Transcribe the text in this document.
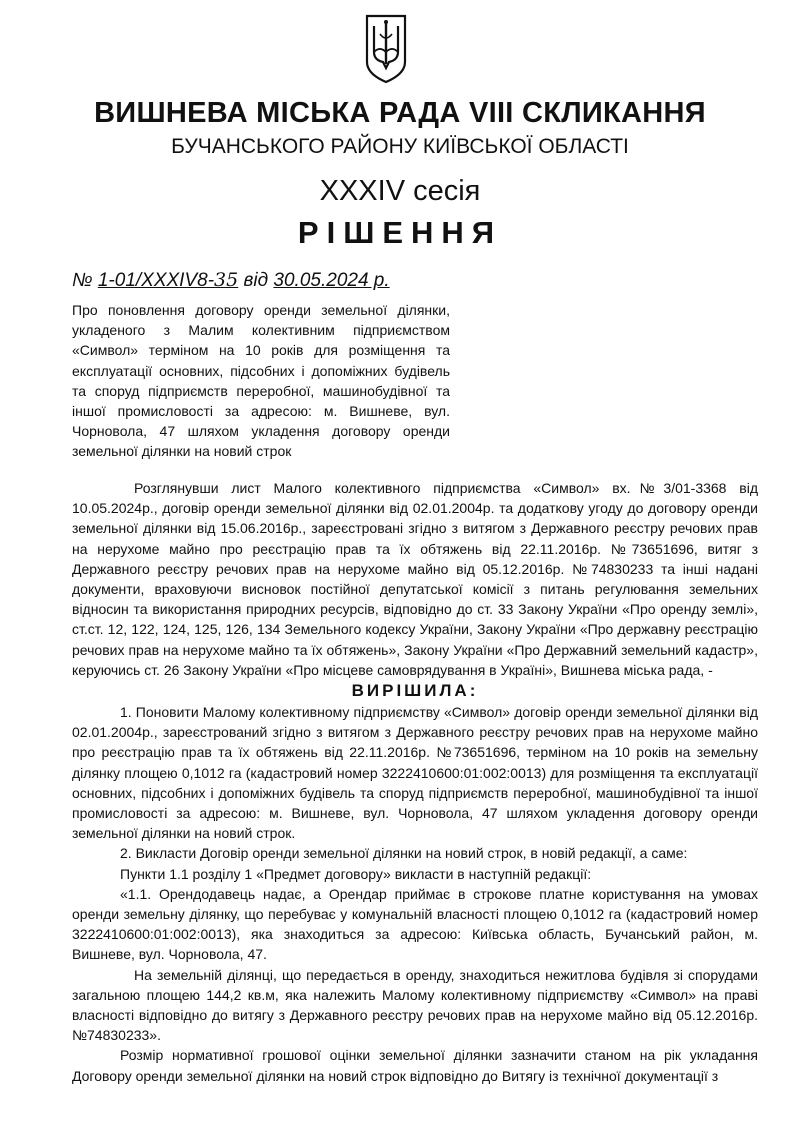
ВИШНЕВА МІСЬКА РАДА VIII СКЛИКАННЯ
БУЧАНСЬКОГО РАЙОНУ КИЇВСЬКОЇ ОБЛАСТІ
XXXIV сесія
РІШЕННЯ
№ 1-01/XXXIV8-35 від 30.05.2024 р.
Про поновлення договору оренди земельної ділянки, укладеного з Малим колективним підприємством «Символ» терміном на 10 років для розміщення та експлуатації основних, підсобних і допоміжних будівель та споруд підприємств переробної, машинобудівної та іншої промисловості за адресою: м. Вишневе, вул. Чорновола, 47 шляхом укладення договору оренди земельної ділянки на новий строк

Розглянувши лист Малого колективного підприємства «Символ» вх.№3/01-3368 від 10.05.2024р., договір оренди земельної ділянки від 02.01.2004р. та додаткову угоду до договору оренди земельної ділянки від 15.06.2016р., зареєстровані згідно з витягом з Державного реєстру речових прав на нерухоме майно про реєстрацію прав та їх обтяжень від 22.11.2016р. №73651696, витяг з Державного реєстру речових прав на нерухоме майно від 05.12.2016р. №74830233 та інші надані документи, враховуючи висновок постійної депутатської комісії з питань регулювання земельних відносин та використання природних ресурсів, відповідно до ст. 33 Закону України «Про оренду землі», ст.ст. 12, 122, 124, 125, 126, 134 Земельного кодексу України, Закону України «Про державну реєстрацію речових прав на нерухоме майно та їх обтяжень», Закону України «Про Державний земельний кадастр», керуючись ст. 26 Закону України «Про місцеве самоврядування в Україні», Вишнева міська рада, -

ВИРІШИЛА:

1. Поновити Малому колективному підприємству «Символ» договір оренди земельної ділянки від 02.01.2004р., зареєстрований згідно з витягом з Державного реєстру речових прав на нерухоме майно про реєстрацію прав та їх обтяжень від 22.11.2016р. №73651696, терміном на 10 років на земельну ділянку площею 0,1012 га (кадастровий номер 3222410600:01:002:0013) для розміщення та експлуатації основних, підсобних і допоміжних будівель та споруд підприємств переробної, машинобудівної та іншої промисловості за адресою: м. Вишневе, вул. Чорновола, 47 шляхом укладення договору оренди земельної ділянки на новий строк.

2. Викласти Договір оренди земельної ділянки на новий строк, в новій редакції, а саме:

Пункти 1.1 розділу 1 «Предмет договору» викласти в наступній редакції:

«1.1. Орендодавець надає, а Орендар приймає в строкове платне користування на умовах оренди земельну ділянку, що перебуває у комунальній власності площею 0,1012 га (кадастровий номер 3222410600:01:002:0013), яка знаходиться за адресою: Київська область, Бучанський район, м. Вишневе, вул. Чорновола, 47.

На земельній ділянці, що передається в оренду, знаходиться нежитлова будівля зі спорудами загальною площею 144,2 кв.м, яка належить Малому колективному підприємству «Символ» на праві власності відповідно до витягу з Державного реєстру речових прав на нерухоме майно від 05.12.2016р. №74830233».

Розмір нормативної грошової оцінки земельної ділянки зазначити станом на рік укладання Договору оренди земельної ділянки на новий строк відповідно до Витягу із технічної документації з
